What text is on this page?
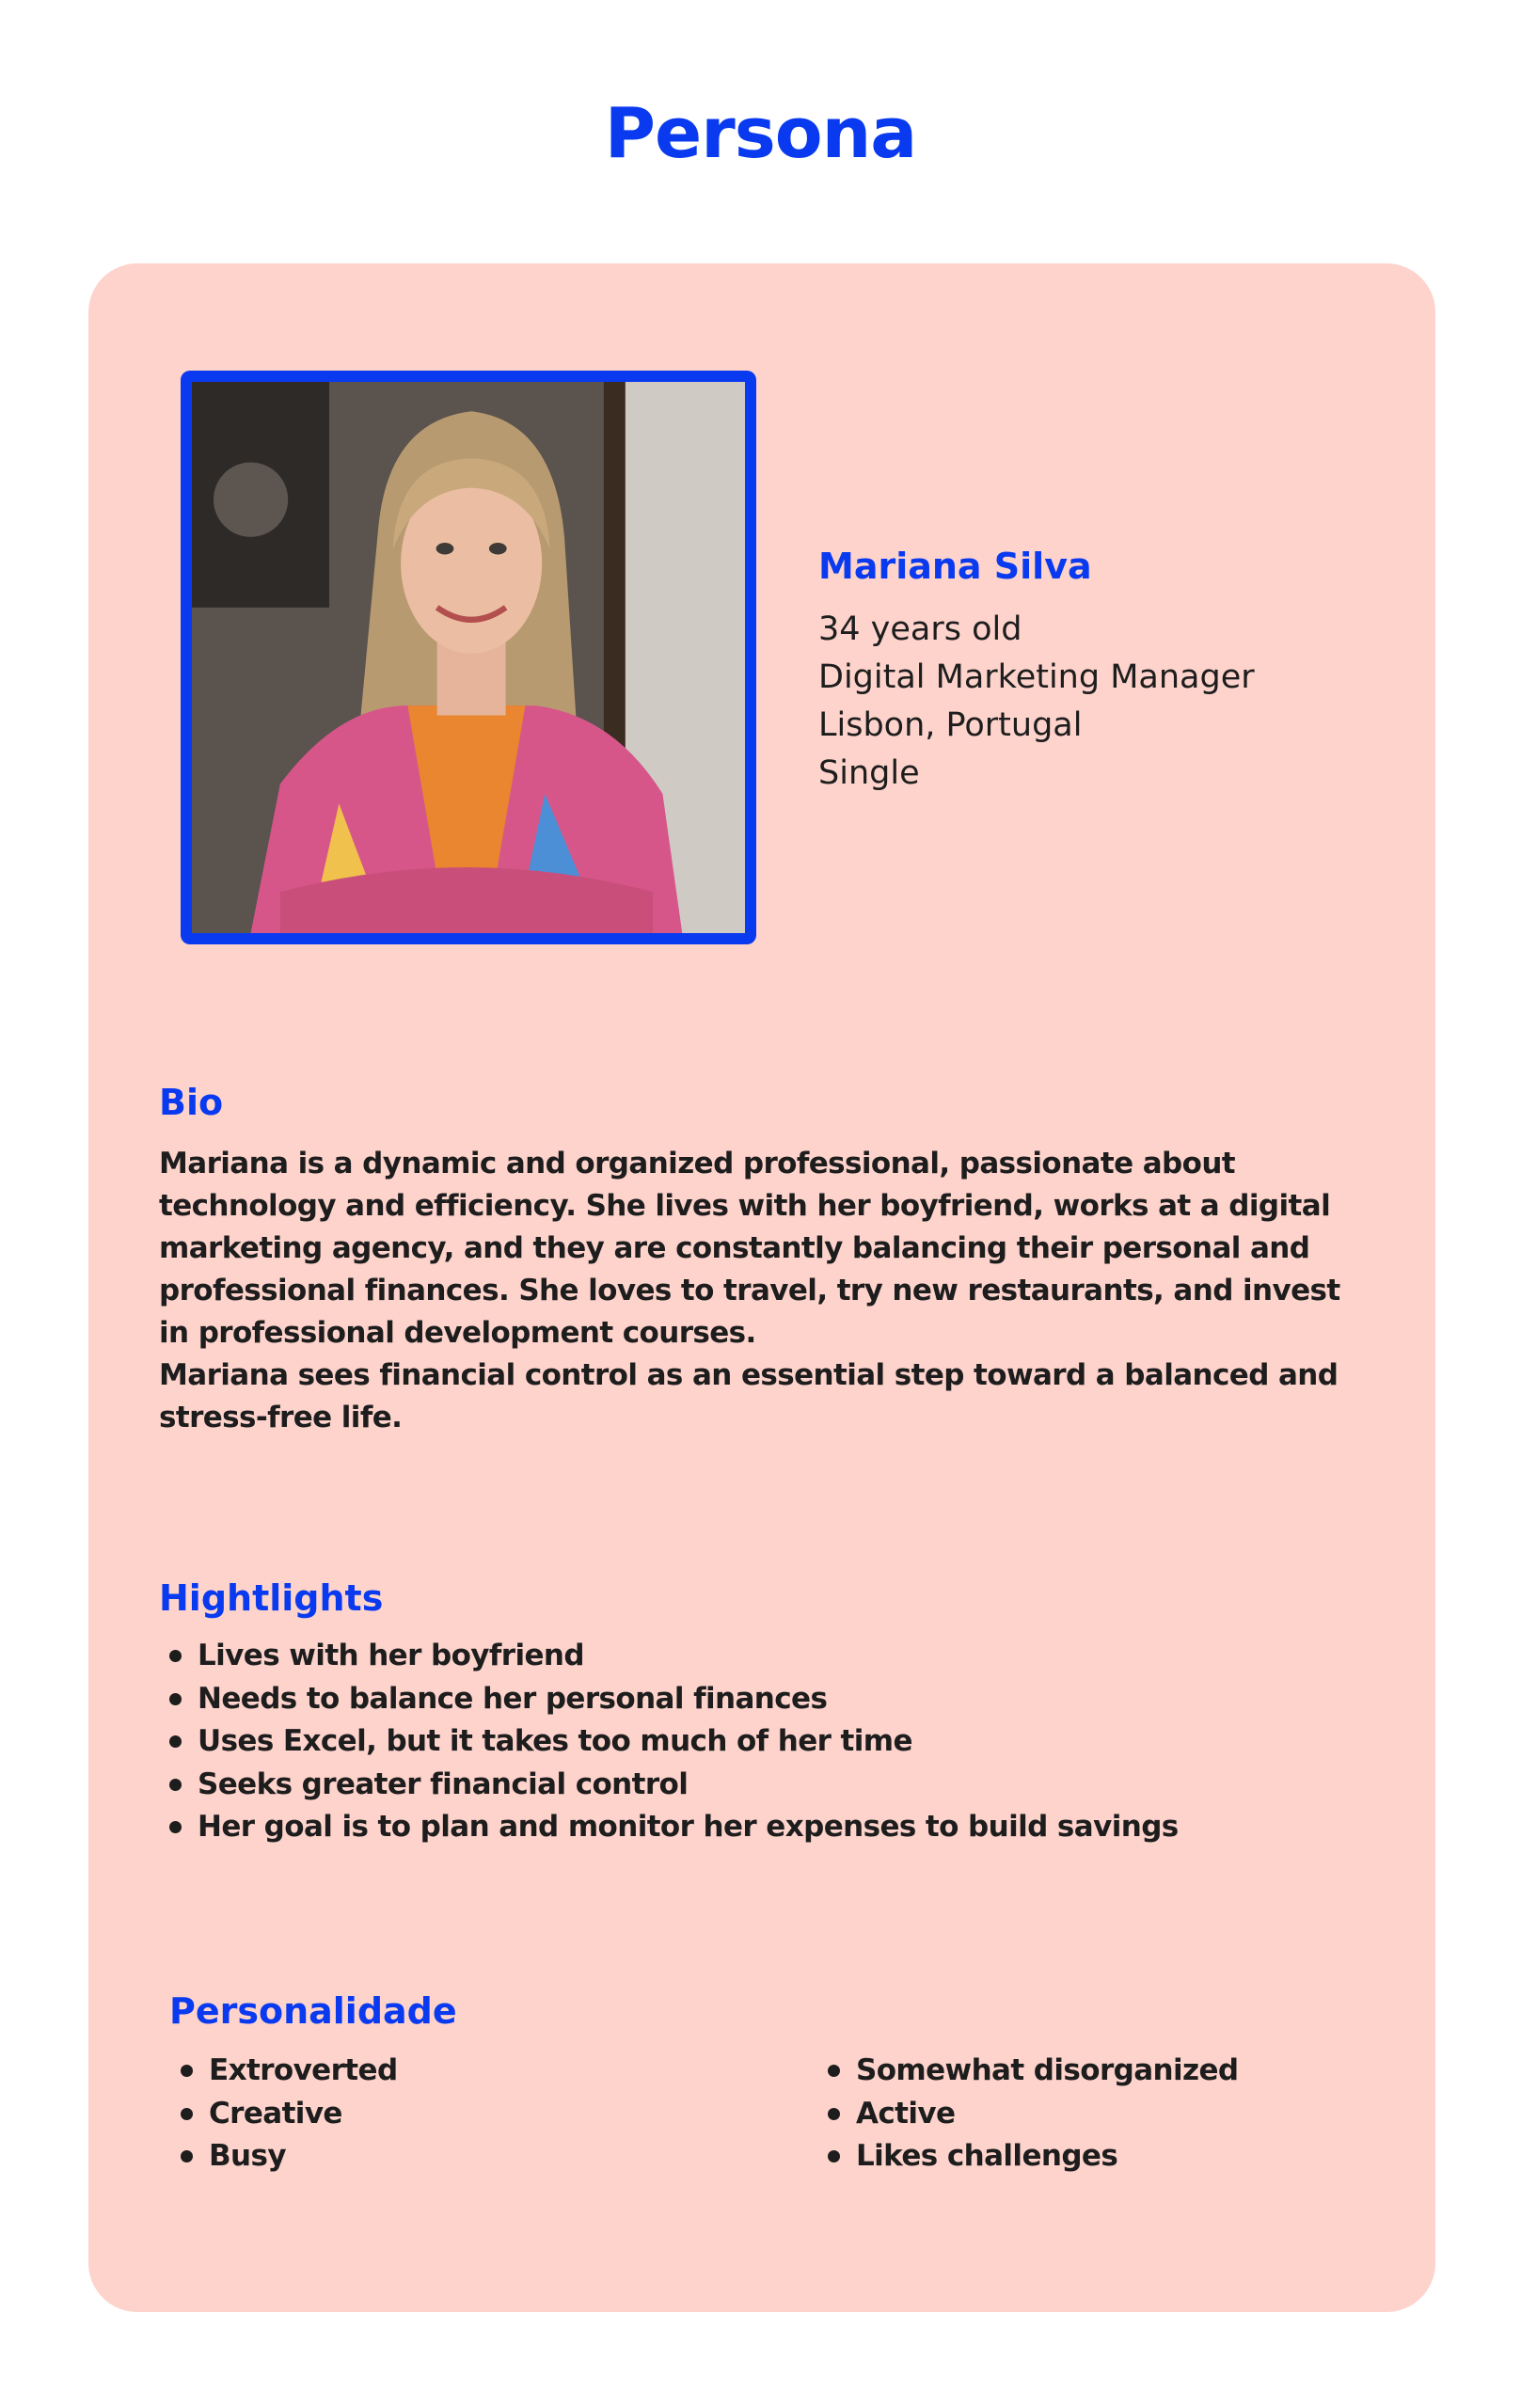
Persona
Mariana Silva
34 years old
Digital Marketing Manager
Lisbon, Portugal
Single
Bio

Mariana is a dynamic and organized professional, passionate about technology and efficiency. She lives with her boyfriend, works at a digital marketing agency, and they are constantly balancing their personal and professional finances. She loves to travel, try new restaurants, and invest in professional development courses.

Mariana sees financial control as an essential step toward a balanced and stress-free life.

Hightlights
Lives with her boyfriend
Needs to balance her personal finances
Uses Excel, but it takes too much of her time
Seeks greater financial control
Her goal is to plan and monitor her expenses to build savings
Personalidade
Extroverted
Creative
Busy
Somewhat disorganized
Active
Likes challenges
